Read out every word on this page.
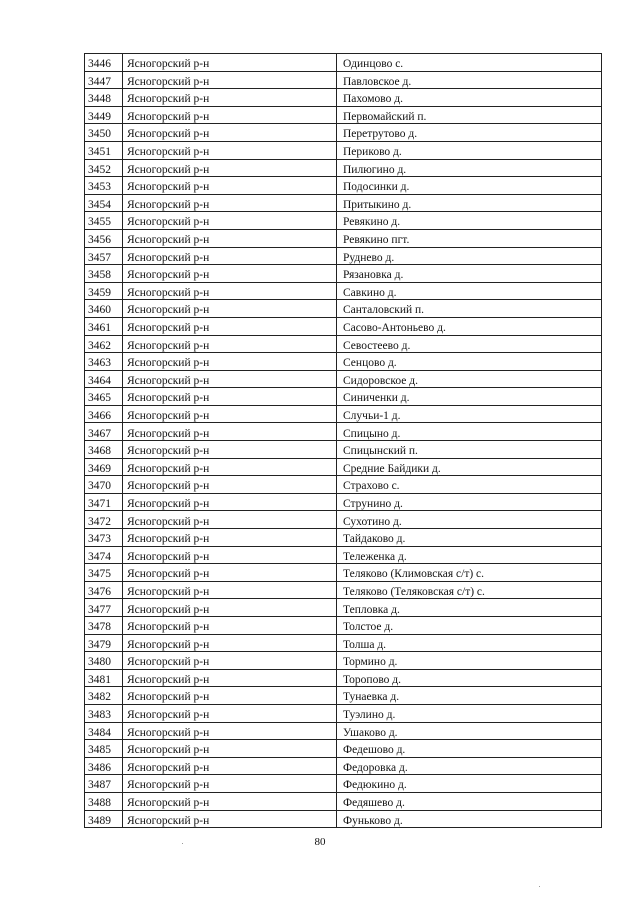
3446	Ясногорский р-н	Одинцово с.
3447	Ясногорский р-н	Павловское д.
3448	Ясногорский р-н	Пахомово д.
3449	Ясногорский р-н	Первомайский п.
3450	Ясногорский р-н	Перетрутово д.
3451	Ясногорский р-н	Периково д.
3452	Ясногорский р-н	Пилюгино д.
3453	Ясногорский р-н	Подосинки д.
3454	Ясногорский р-н	Притыкино д.
3455	Ясногорский р-н	Ревякино д.
3456	Ясногорский р-н	Ревякино пгт.
3457	Ясногорский р-н	Руднево д.
3458	Ясногорский р-н	Рязановка д.
3459	Ясногорский р-н	Савкино д.
3460	Ясногорский р-н	Санталовский п.
3461	Ясногорский р-н	Сасово-Антоньево д.
3462	Ясногорский р-н	Севостеево д.
3463	Ясногорский р-н	Сенцово д.
3464	Ясногорский р-н	Сидоровское д.
3465	Ясногорский р-н	Синиченки д.
3466	Ясногорский р-н	Случьи-1 д.
3467	Ясногорский р-н	Спицыно д.
3468	Ясногорский р-н	Спицынский п.
3469	Ясногорский р-н	Средние Байдики д.
3470	Ясногорский р-н	Страхово с.
3471	Ясногорский р-н	Струнино д.
3472	Ясногорский р-н	Сухотино д.
3473	Ясногорский р-н	Тайдаково д.
3474	Ясногорский р-н	Тележенка д.
3475	Ясногорский р-н	Теляково (Климовская с/т) с.
3476	Ясногорский р-н	Теляково (Теляковская с/т) с.
3477	Ясногорский р-н	Тепловка д.
3478	Ясногорский р-н	Толстое д.
3479	Ясногорский р-н	Толша д.
3480	Ясногорский р-н	Тормино д.
3481	Ясногорский р-н	Торопово д.
3482	Ясногорский р-н	Тунаевка д.
3483	Ясногорский р-н	Туэлино д.
3484	Ясногорский р-н	Ушаково д.
3485	Ясногорский р-н	Федешово д.
3486	Ясногорский р-н	Федоровка д.
3487	Ясногорский р-н	Федюкино д.
3488	Ясногорский р-н	Федяшево д.
3489	Ясногорский р-н	Фуньково д.
80
